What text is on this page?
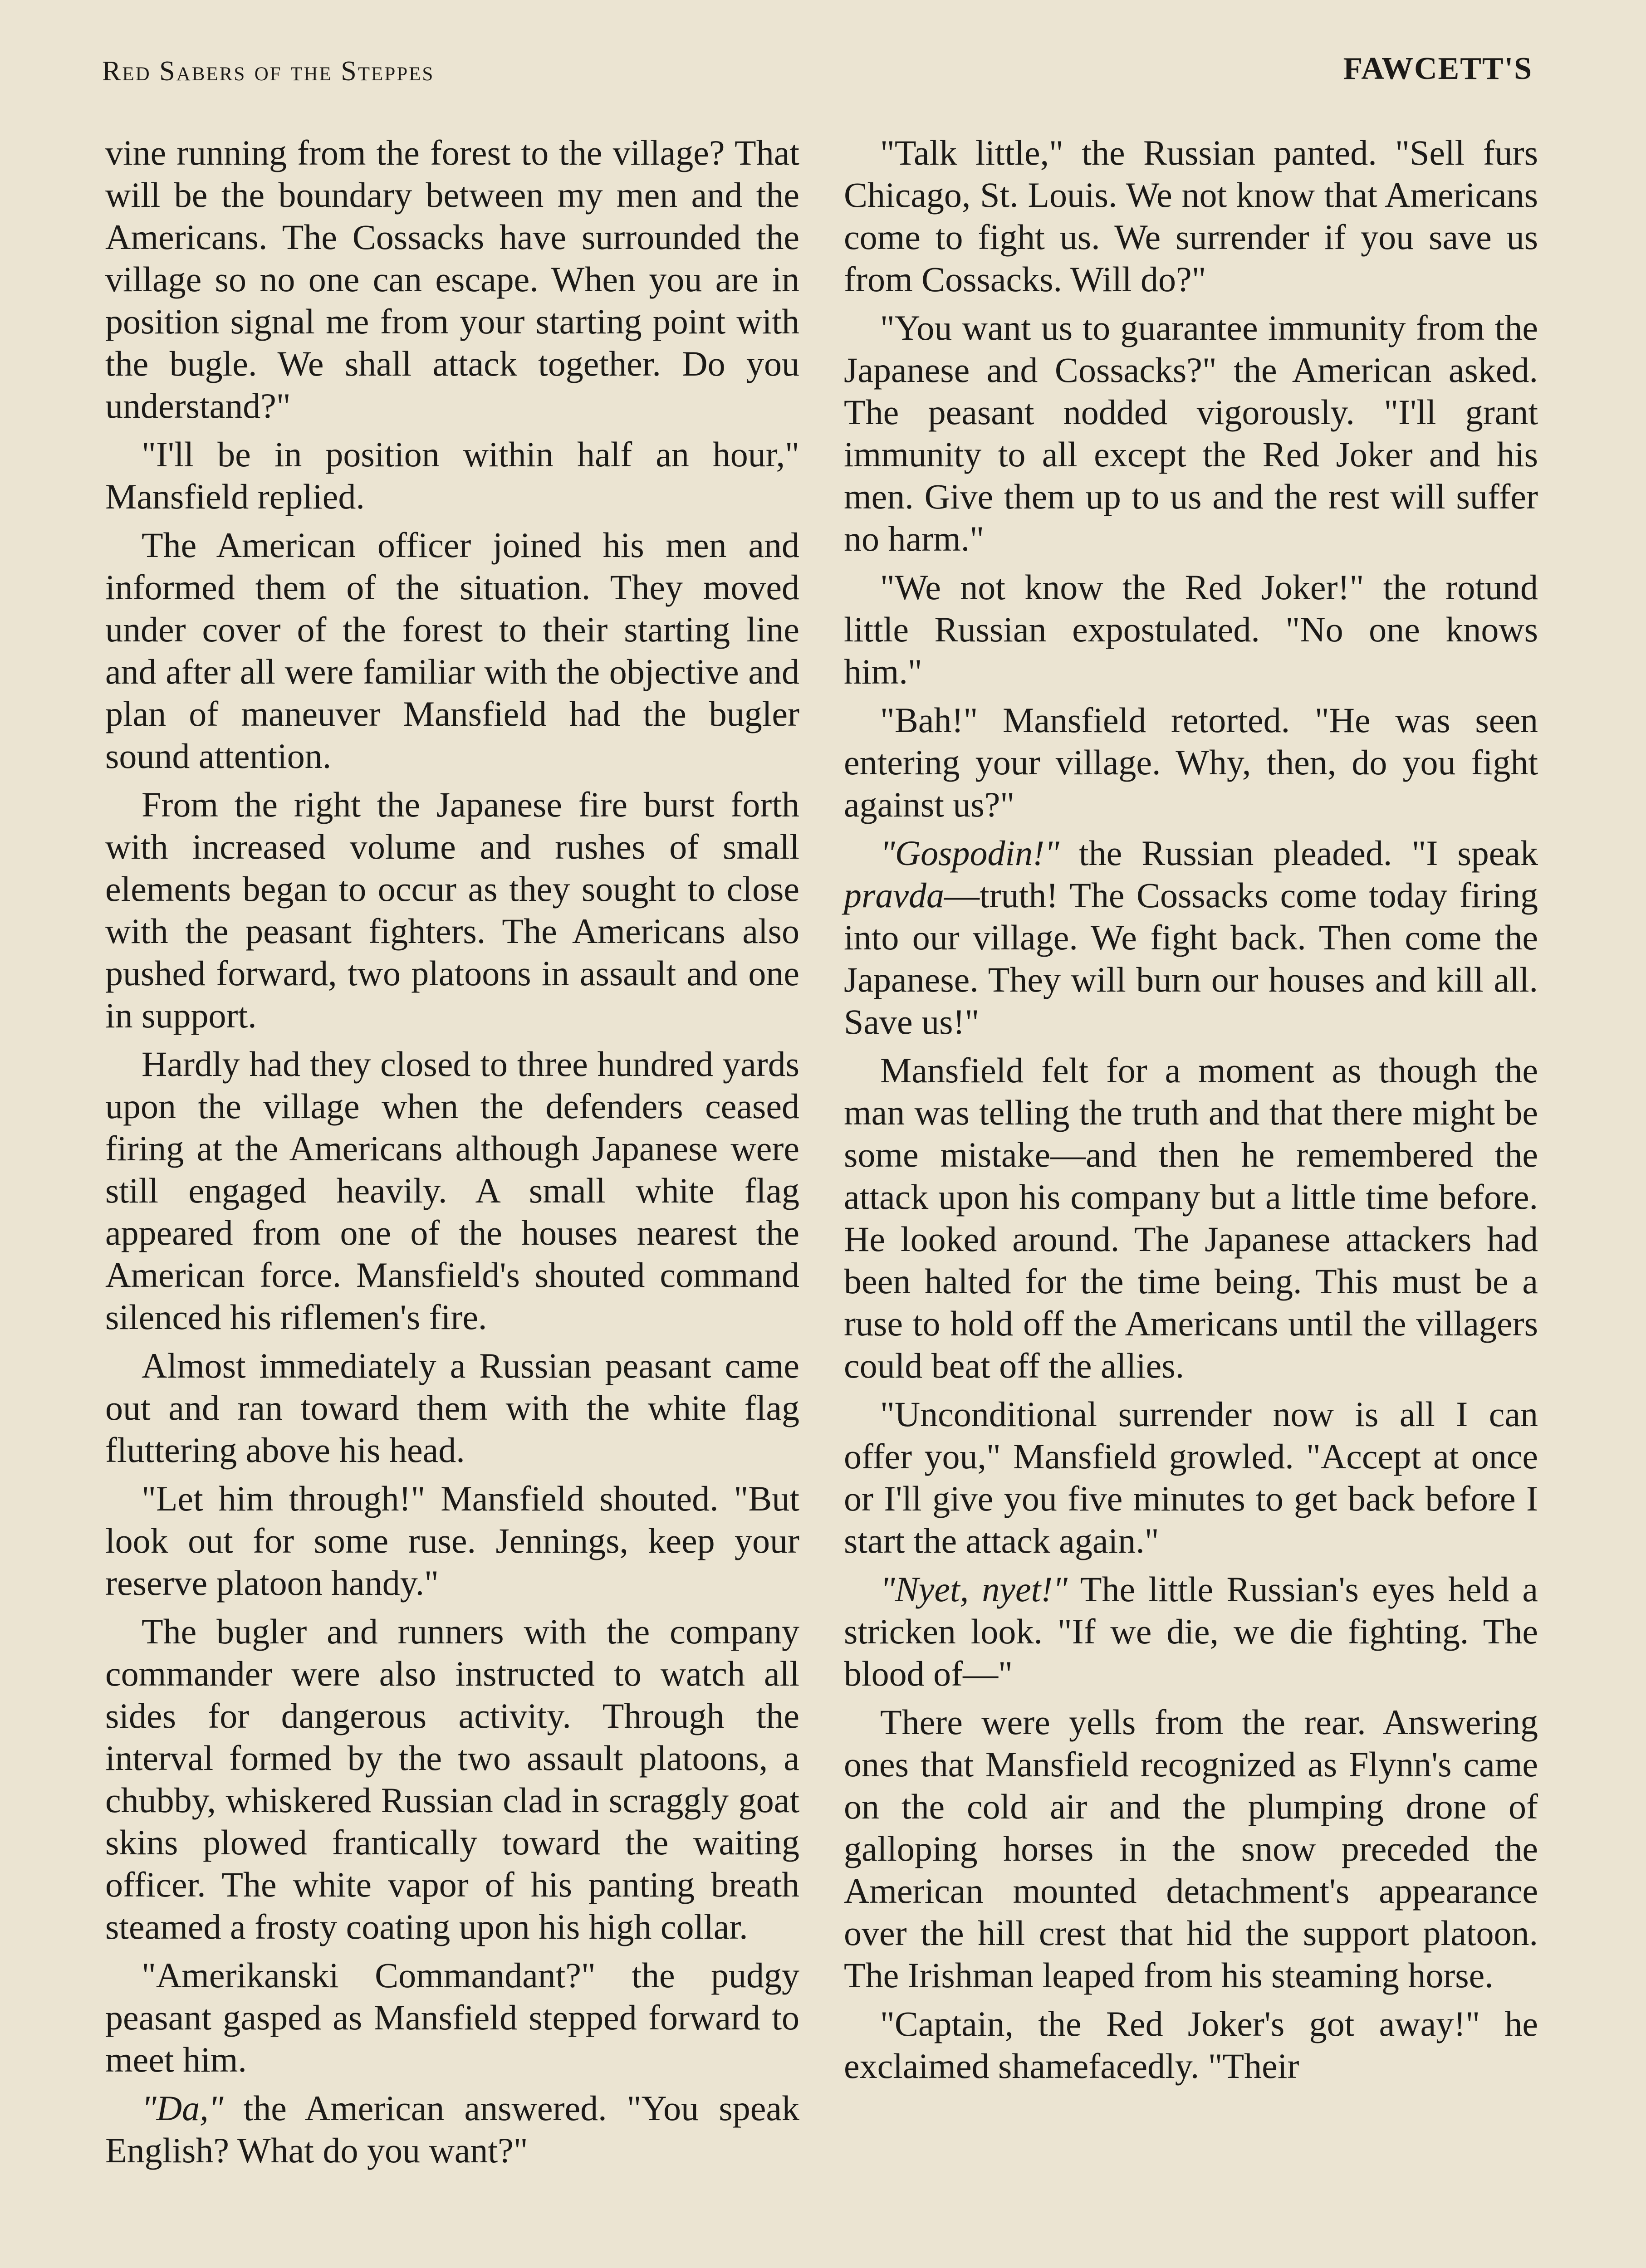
Red Sabers of the Steppes	FAWCETT'S

vine running from the forest to the village? That will be the boundary between my men and the Americans. The Cossacks have surrounded the village so no one can escape. When you are in position signal me from your starting point with the bugle. We shall attack together. Do you understand?"

"I'll be in position within half an hour," Mansfield replied.

The American officer joined his men and informed them of the situation. They moved under cover of the forest to their starting line and after all were familiar with the objective and plan of maneuver Mansfield had the bugler sound attention.

From the right the Japanese fire burst forth with increased volume and rushes of small elements began to occur as they sought to close with the peasant fighters. The Americans also pushed forward, two platoons in assault and one in support.

Hardly had they closed to three hundred yards upon the village when the defenders ceased firing at the Americans although Japanese were still engaged heavily. A small white flag appeared from one of the houses nearest the American force. Mansfield's shouted command silenced his riflemen's fire.

Almost immediately a Russian peasant came out and ran toward them with the white flag fluttering above his head.

"Let him through!" Mansfield shouted. "But look out for some ruse. Jennings, keep your reserve platoon handy."

The bugler and runners with the company commander were also instructed to watch all sides for dangerous activity. Through the interval formed by the two assault platoons, a chubby, whiskered Russian clad in scraggly goat skins plowed frantically toward the waiting officer. The white vapor of his panting breath steamed a frosty coating upon his high collar.

"Amerikanski Commandant?" the pudgy peasant gasped as Mansfield stepped forward to meet him.

"Da," the American answered. "You speak English? What do you want?"

"Talk little," the Russian panted. "Sell furs Chicago, St. Louis. We not know that Americans come to fight us. We surrender if you save us from Cossacks. Will do?"

"You want us to guarantee immunity from the Japanese and Cossacks?" the American asked. The peasant nodded vigorously. "I'll grant immunity to all except the Red Joker and his men. Give them up to us and the rest will suffer no harm."

"We not know the Red Joker!" the rotund little Russian expostulated. "No one knows him."

"Bah!" Mansfield retorted. "He was seen entering your village. Why, then, do you fight against us?"

"Gospodin!" the Russian pleaded. "I speak pravda—truth! The Cossacks come today firing into our village. We fight back. Then come the Japanese. They will burn our houses and kill all. Save us!"

Mansfield felt for a moment as though the man was telling the truth and that there might be some mistake—and then he remembered the attack upon his company but a little time before. He looked around. The Japanese attackers had been halted for the time being. This must be a ruse to hold off the Americans until the villagers could beat off the allies.

"Unconditional surrender now is all I can offer you," Mansfield growled. "Accept at once or I'll give you five minutes to get back before I start the attack again."

"Nyet, nyet!" The little Russian's eyes held a stricken look. "If we die, we die fighting. The blood of—"

There were yells from the rear. Answering ones that Mansfield recognized as Flynn's came on the cold air and the plumping drone of galloping horses in the snow preceded the American mounted detachment's appearance over the hill crest that hid the support platoon. The Irishman leaped from his steaming horse.

"Captain, the Red Joker's got away!" he exclaimed shamefacedly. "Their
